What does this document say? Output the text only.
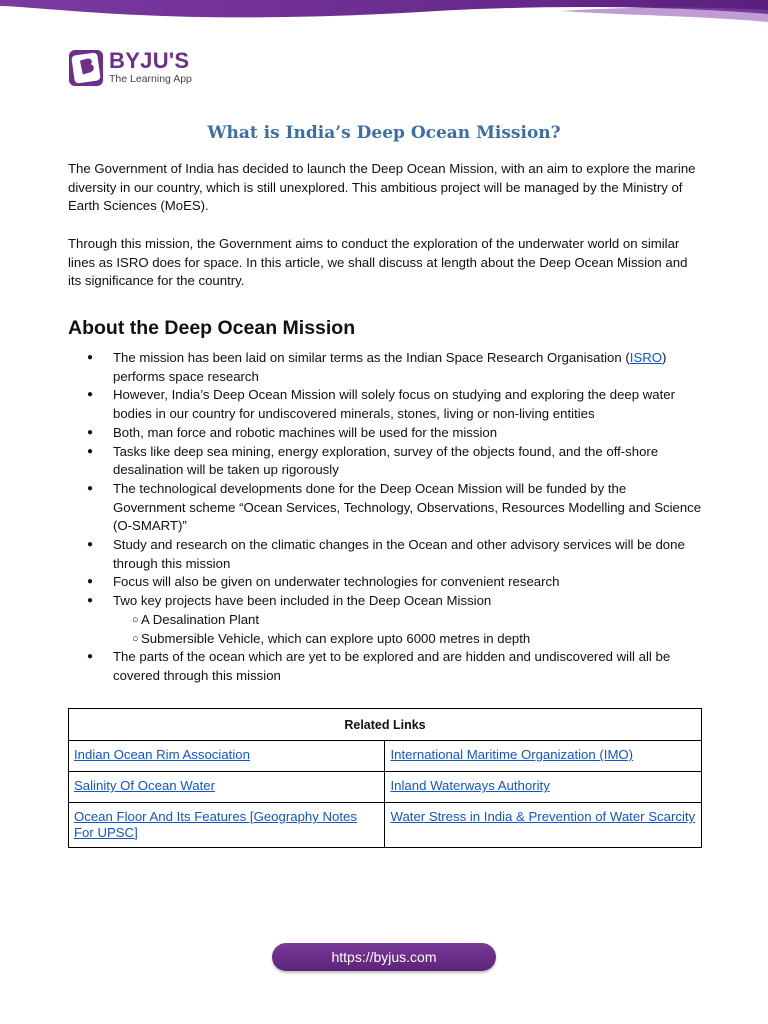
BYJU'S
The Learning App
What is India’s Deep Ocean Mission?

The Government of India has decided to launch the Deep Ocean Mission, with an aim to explore the marine diversity in our country, which is still unexplored. This ambitious project will be managed by the Ministry of Earth Sciences (MoES).

Through this mission, the Government aims to conduct the exploration of the underwater world on similar lines as ISRO does for space. In this article, we shall discuss at length about the Deep Ocean Mission and its significance for the country.

About the Deep Ocean Mission
● The mission has been laid on similar terms as the Indian Space Research Organisation (ISRO) performs space research
● However, India’s Deep Ocean Mission will solely focus on studying and exploring the deep water bodies in our country for undiscovered minerals, stones, living or non-living entities
● Both, man force and robotic machines will be used for the mission
● Tasks like deep sea mining, energy exploration, survey of the objects found, and the off-shore desalination will be taken up rigorously
● The technological developments done for the Deep Ocean Mission will be funded by the Government scheme “Ocean Services, Technology, Observations, Resources Modelling and Science (O-SMART)”
● Study and research on the climatic changes in the Ocean and other advisory services will be done through this mission
● Focus will also be given on underwater technologies for convenient research
● Two key projects have been included in the Deep Ocean Mission
○ A Desalination Plant
○ Submersible Vehicle, which can explore upto 6000 metres in depth
● The parts of the ocean which are yet to be explored and are hidden and undiscovered will all be covered through this mission
Related Links	
Indian Ocean Rim Association	International Maritime Organization (IMO)
Salinity Of Ocean Water	Inland Waterways Authority
Ocean Floor And Its Features [Geography Notes For UPSC]	Water Stress in India & Prevention of Water Scarcity
https://byjus.com
